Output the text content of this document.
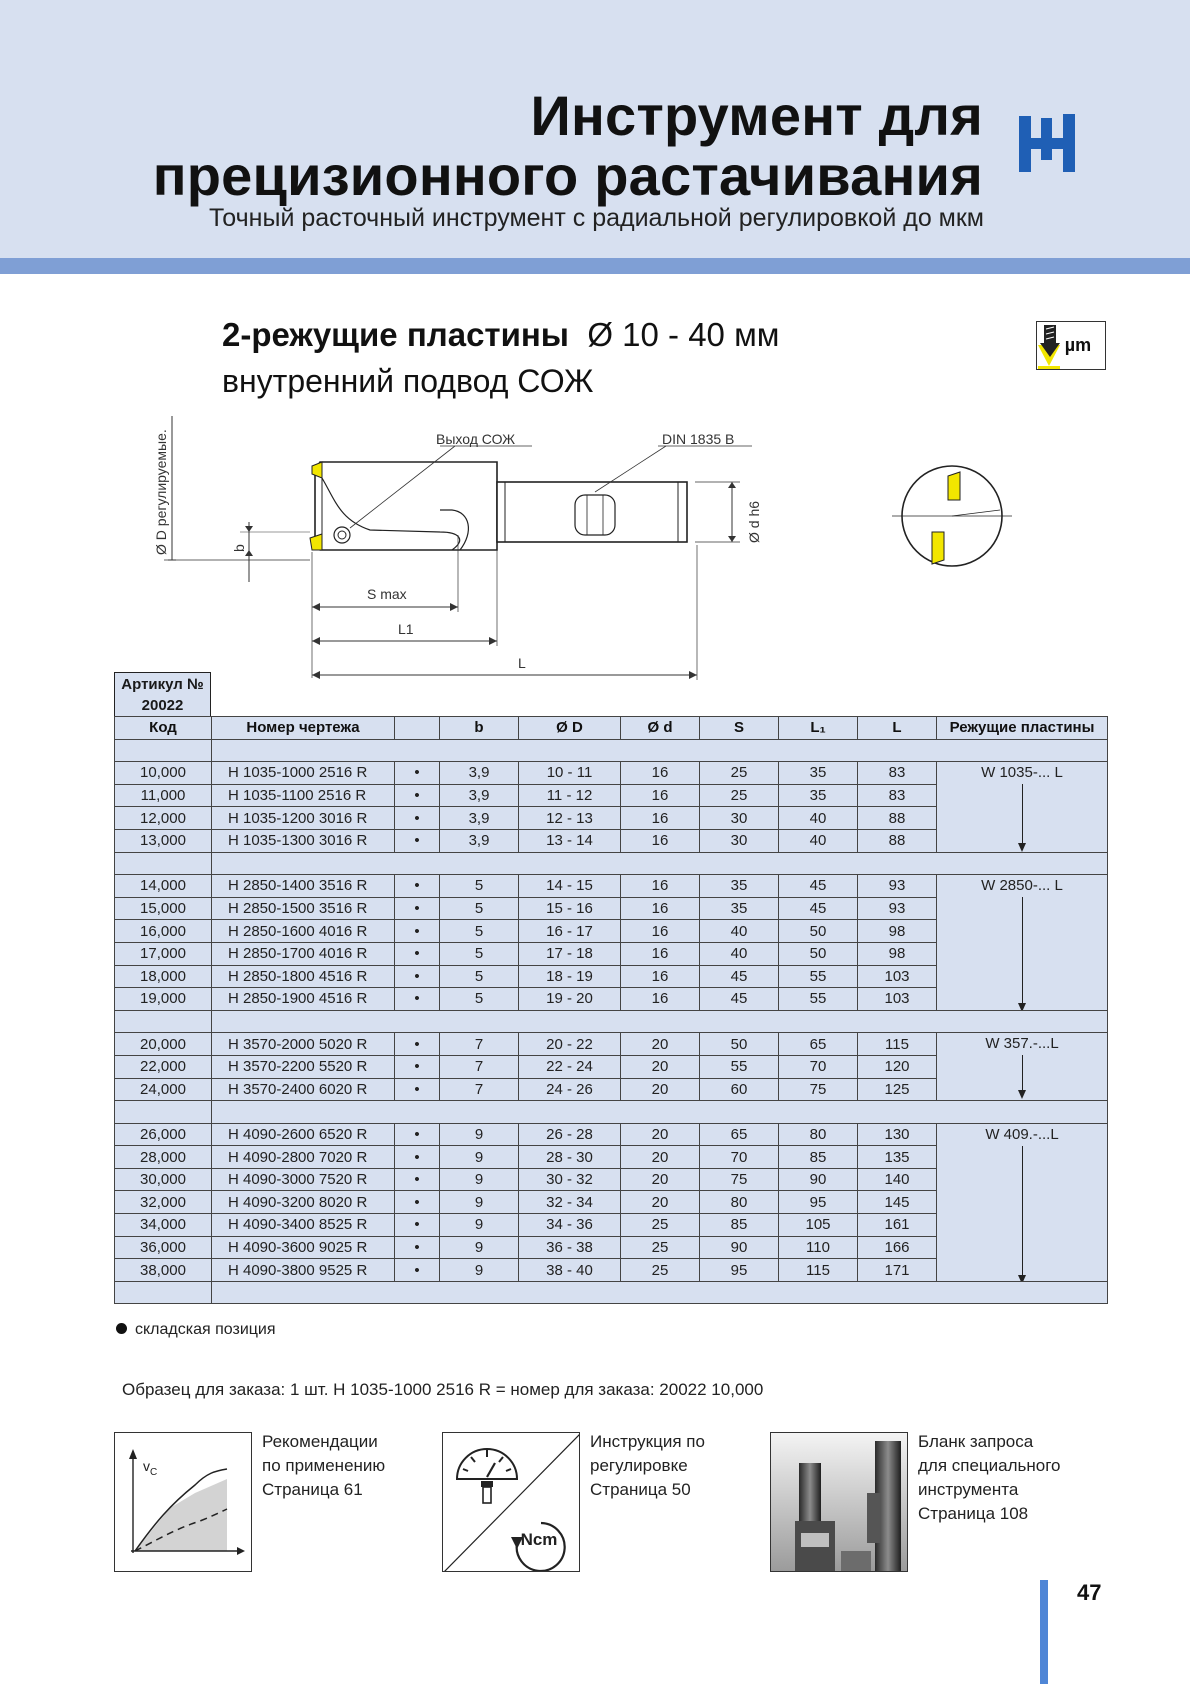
Инструмент для
прецизионного растачивания
Точный расточный инструмент с радиальной регулировкой до мкм
2-режущие пластины Ø 10 - 40 мм
внутренний подвод СОЖ
µm
Ø D регулируемые.	b
Выход СОЖ	DIN 1835 B
Ø d h6
S max
L1
L
Артикул №
20022
Код	Номер чертежа		b	Ø D	Ø d	S	L₁	L	Режущие пластины

10,000	H 1035-1000 2516 R	•	3,9	10 - 11	16	25	35	83	W 1035-... L

11,000	H 1035-1100 2516 R	•	3,9	11 - 12	16	25	35	83	
12,000	H 1035-1200 3016 R	•	3,9	12 - 13	16	30	40	88	
13,000	H 1035-1300 3016 R	•	3,9	13 - 14	16	30	40	88	

14,000	H 2850-1400 3516 R	•	5	14 - 15	16	35	45	93	W 2850-... L

15,000	H 2850-1500 3516 R	•	5	15 - 16	16	35	45	93	
16,000	H 2850-1600 4016 R	•	5	16 - 17	16	40	50	98	
17,000	H 2850-1700 4016 R	•	5	17 - 18	16	40	50	98	
18,000	H 2850-1800 4516 R	•	5	18 - 19	16	45	55	103	
19,000	H 2850-1900 4516 R	•	5	19 - 20	16	45	55	103	

20,000	H 3570-2000 5020 R	•	7	20 - 22	20	50	65	115	W 357.-...L

22,000	H 3570-2200 5520 R	•	7	22 - 24	20	55	70	120	
24,000	H 3570-2400 6020 R	•	7	24 - 26	20	60	75	125	

26,000	H 4090-2600 6520 R	•	9	26 - 28	20	65	80	130	W 409.-...L

28,000	H 4090-2800 7020 R	•	9	28 - 30	20	70	85	135	
30,000	H 4090-3000 7520 R	•	9	30 - 32	20	75	90	140	
32,000	H 4090-3200 8020 R	•	9	32 - 34	20	80	95	145	
34,000	H 4090-3400 8525 R	•	9	34 - 36	25	85	105	161	
36,000	H 4090-3600 9025 R	•	9	36 - 38	25	90	110	166	
38,000	H 4090-3800 9525 R	•	9	38 - 40	25	95	115	171	

складская позиция
Образец для заказа: 1 шт. H 1035-1000 2516 R = номер для заказа: 20022 10,000
$v_C$
Рекомендации
по применению
Страница 61
Ncm
Инструкция по
регулировке
Страница 50
Бланк запроса
для специального
инструмента
Страница 108
47
